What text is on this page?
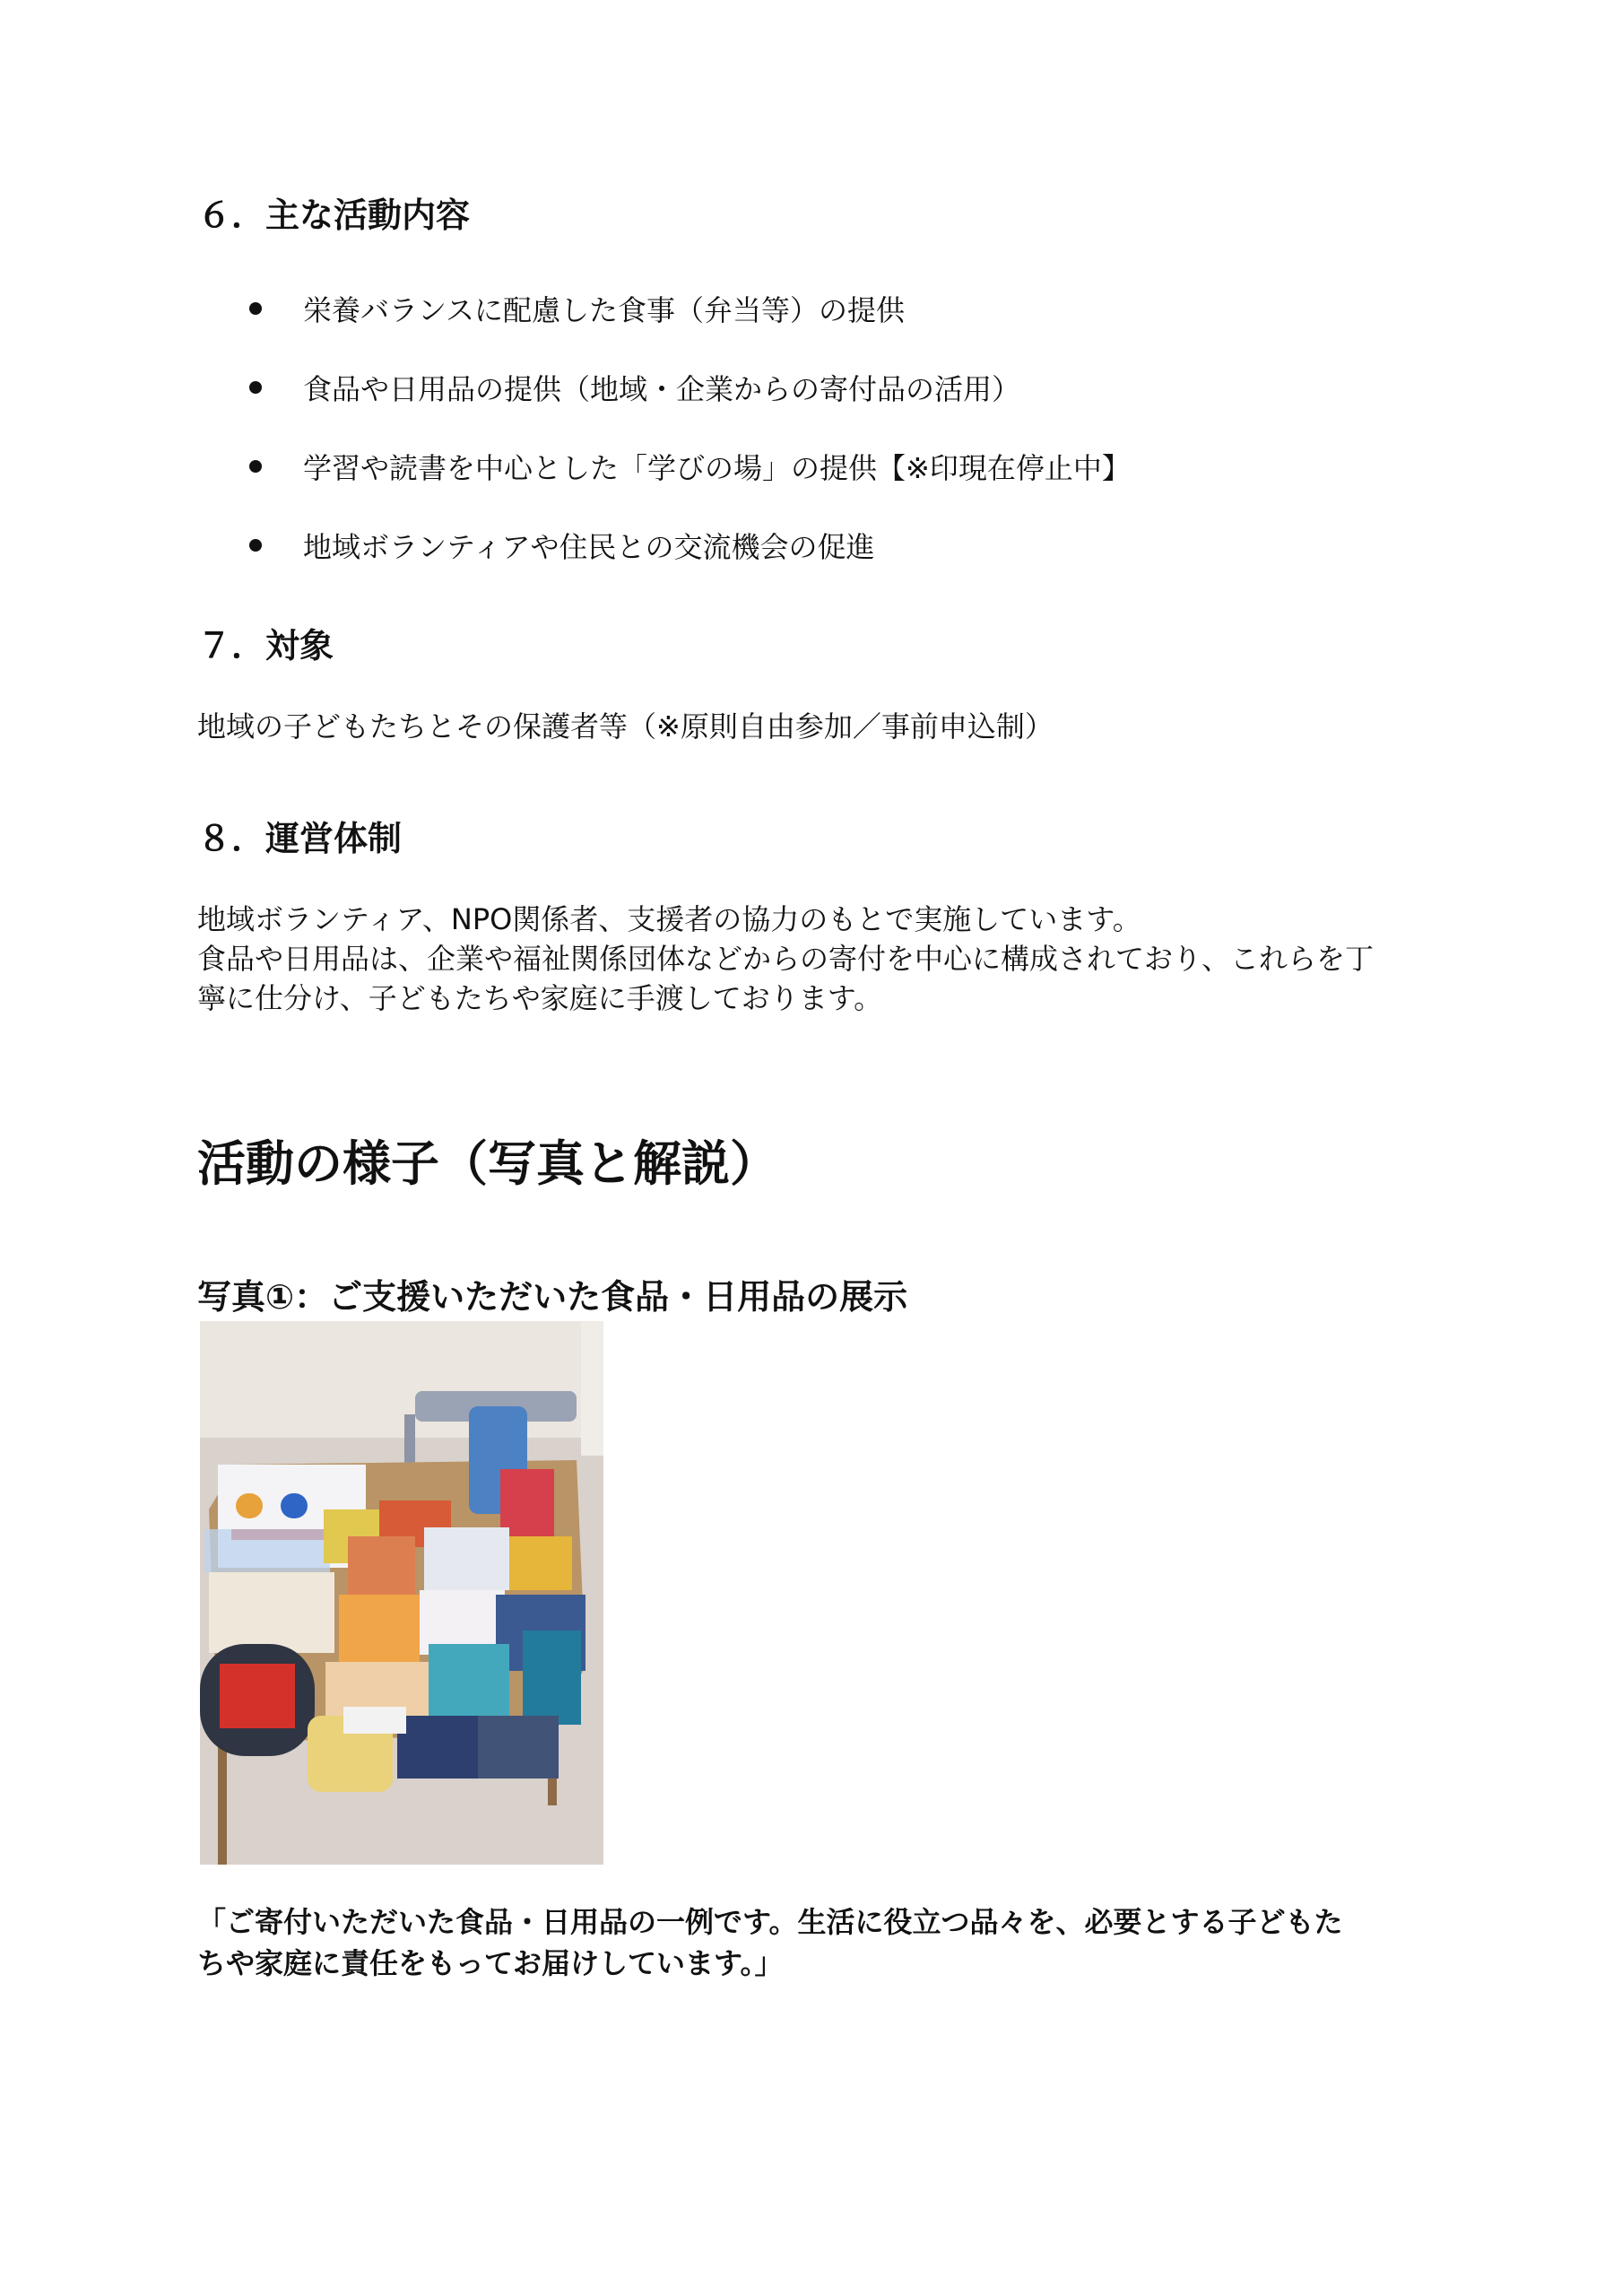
６．主な活動内容
栄養バランスに配慮した食事（弁当等）の提供
食品や日用品の提供（地域・企業からの寄付品の活用）
学習や読書を中心とした「学びの場」の提供【※印現在停止中】
地域ボランティアや住民との交流機会の促進
７．対象

地域の子どもたちとその保護者等（※原則自由参加／事前申込制）

８．運営体制
地域ボランティア、NPO関係者、支援者の協力のもとで実施しています。
食品や日用品は、企業や福祉関係団体などからの寄付を中心に構成されており、これらを丁
寧に仕分け、子どもたちや家庭に手渡しております。
活動の様子（写真と解説）
写真①：ご支援いただいた食品・日用品の展示

「ご寄付いただいた食品・日用品の一例です。生活に役立つ品々を、必要とする子どもた
ちや家庭に責任をもってお届けしています。」
